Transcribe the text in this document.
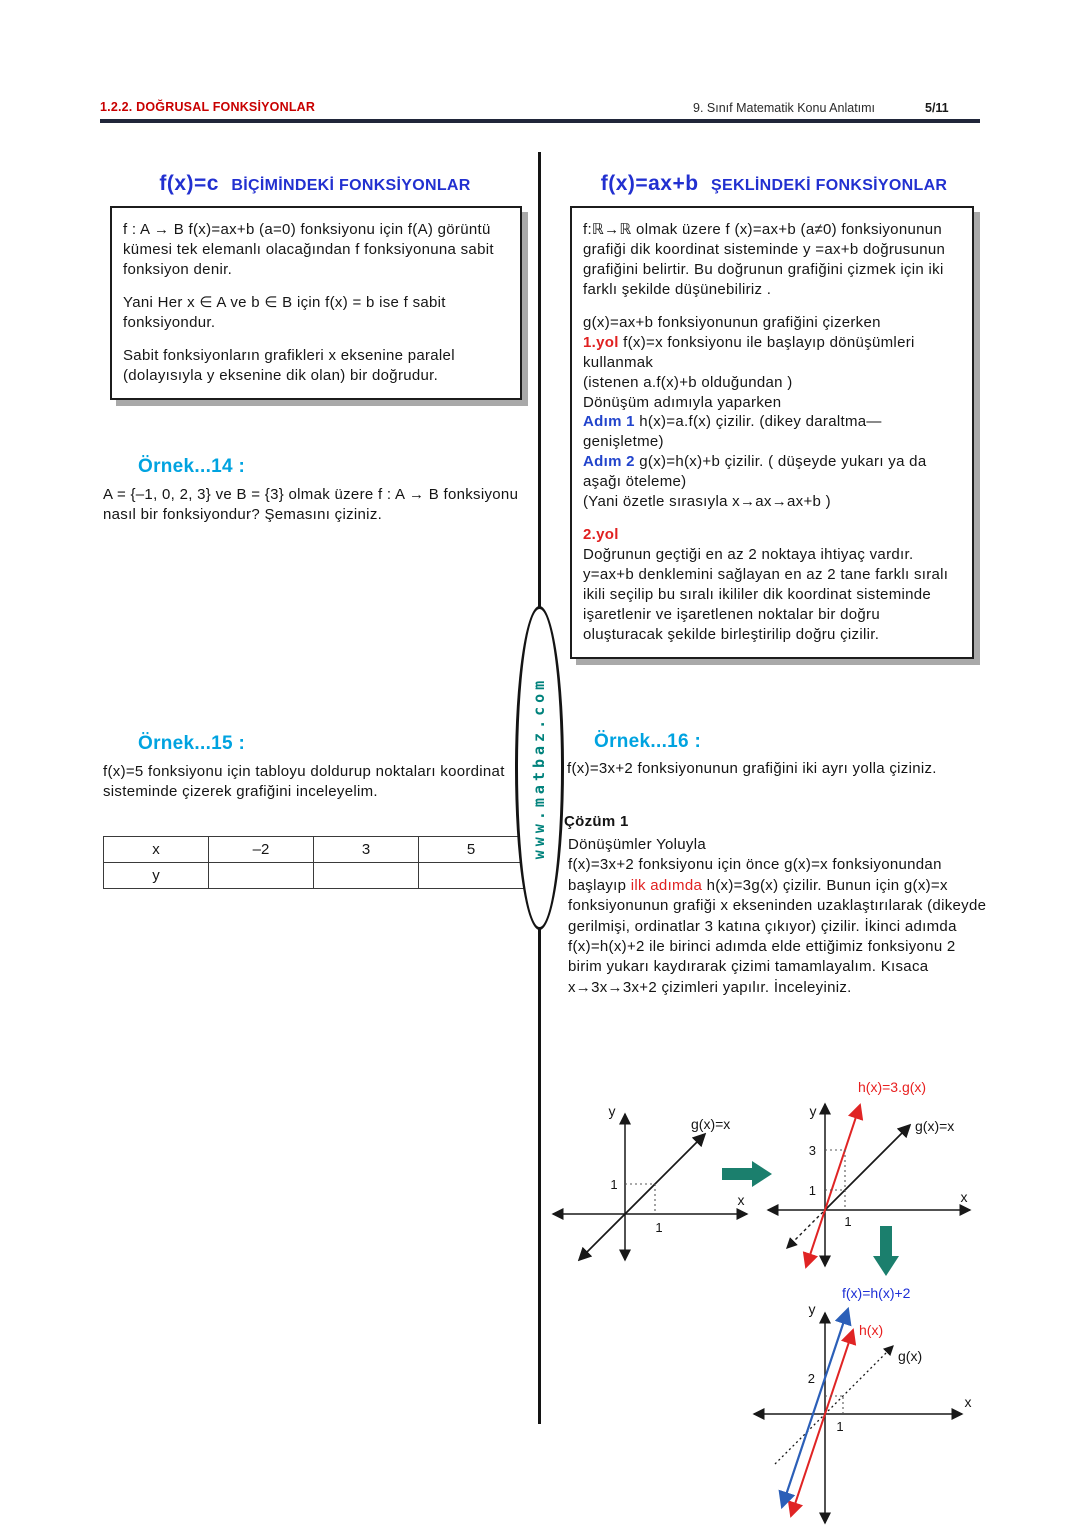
1.2.2. DOĞRUSAL FONKSİYONLAR	9. Sınıf Matematik Konu Anlatımı	5/11
www.matbaz.com
f(x)=c BİÇİMİNDEKİ FONKSİYONLAR

f : A → B f(x)=ax+b (a=0) fonksiyonu için f(A) görüntü kümesi tek elemanlı olacağından f fonksiyonuna sabit fonksiyon denir.

Yani Her x ∈ A ve b ∈ B için f(x) = b ise f sabit fonksiyondur.

Sabit fonksiyonların grafikleri x eksenine paralel (dolayısıyla y eksenine dik olan) bir doğrudur.

Örnek...14 :
A = {–1, 0, 2, 3} ve B = {3} olmak üzere f : A → B fonksiyonu nasıl bir fonksiyondur? Şemasını çiziniz.
Örnek...15 :
f(x)=5 fonksiyonu için tabloyu doldurup noktaları koordinat sisteminde çizerek grafiğini inceleyelim.
x	–2	3	5
y			
f(x)=ax+b ŞEKLİNDEKİ FONKSİYONLAR

f:ℝ→ℝ olmak üzere f (x)=ax+b (a≠0) fonksiyonunun grafiği dik koordinat sisteminde y =ax+b doğrusunun grafiğini belirtir. Bu doğrunun grafiğini çizmek için iki farklı şekilde düşünebiliriz .

g(x)=ax+b fonksiyonunun grafiğini çizerken

1.yol f(x)=x fonksiyonu ile başlayıp dönüşümleri kullanmak
(istenen a.f(x)+b olduğundan )
Dönüşüm adımıyla yaparken

Adım 1 h(x)=a.f(x) çizilir. (dikey daraltma—genişletme)

Adım 2 g(x)=h(x)+b çizilir. ( düşeyde yukarı ya da aşağı öteleme)

(Yani özetle sırasıyla x→ax→ax+b )

2.yol

Doğrunun geçtiği en az 2 noktaya ihtiyaç vardır. y=ax+b denklemini sağlayan en az 2 tane farklı sıralı ikili seçilip bu sıralı ikililer dik koordinat sisteminde işaretlenir ve işaretlenen noktalar bir doğru oluşturacak şekilde birleştirilip doğru çizilir.

Örnek...16 :
f(x)=3x+2 fonksiyonunun grafiğini iki ayrı yolla çiziniz.
Çözüm 1
Dönüşümler Yoluyla
f(x)=3x+2 fonksiyonu için önce g(x)=x fonksiyonundan başlayıp ilk adımda h(x)=3g(x) çizilir. Bunun için g(x)=x fonksiyonunun grafiği x ekseninden uzaklaştırılarak (dikeyde gerilmişi, ordinatlar 3 katına çıkıyor) çizilir. İkinci adımda f(x)=h(x)+2 ile birinci adımda elde ettiğimiz fonksiyonu 2 birim yukarı kaydırarak çizimi tamamlayalım. Kısaca x→3x→3x+2 çizimleri yapılır. İnceleyiniz.
y
x
1
1
g(x)=x
h(x)=3.g(x)
y
x
3
1
1
g(x)=x
f(x)=h(x)+2
y
x
2
1
h(x)
g(x)
